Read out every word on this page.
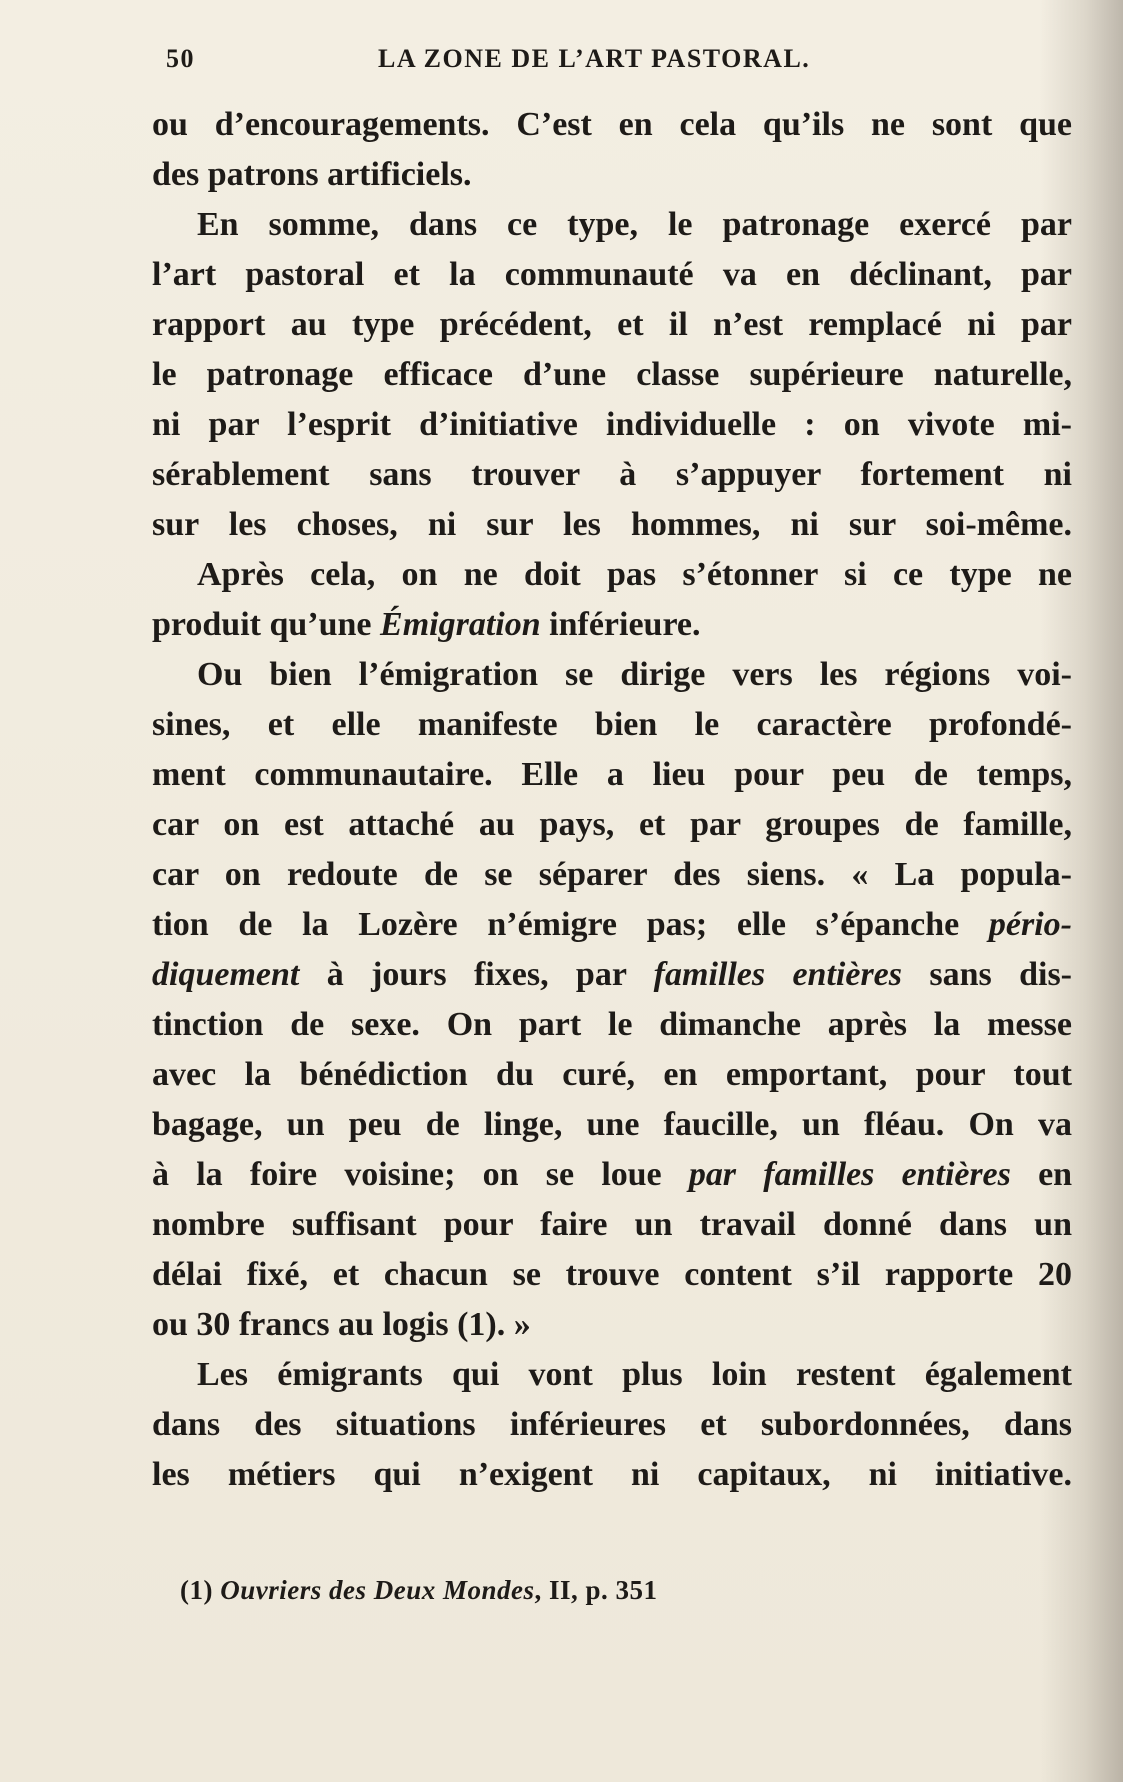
50	LA ZONE DE L’ART PASTORAL.
ou d’encouragements. C’est en cela qu’ils ne sont que
des patrons artificiels.
En somme, dans ce type, le patronage exercé par
l’art pastoral et la communauté va en déclinant, par
rapport au type précédent, et il n’est remplacé ni par
le patronage efficace d’une classe supérieure naturelle,
ni par l’esprit d’initiative individuelle : on vivote mi-
sérablement sans trouver à s’appuyer fortement ni
sur les choses, ni sur les hommes, ni sur soi-même.
Après cela, on ne doit pas s’étonner si ce type ne
produit qu’une Émigration inférieure.
Ou bien l’émigration se dirige vers les régions voi-
sines, et elle manifeste bien le caractère profondé-
ment communautaire. Elle a lieu pour peu de temps,
car on est attaché au pays, et par groupes de famille,
car on redoute de se séparer des siens. « La popula-
tion de la Lozère n’émigre pas; elle s’épanche pério-
diquement à jours fixes, par familles entières sans dis-
tinction de sexe. On part le dimanche après la messe
avec la bénédiction du curé, en emportant, pour tout
bagage, un peu de linge, une faucille, un fléau. On va
à la foire voisine; on se loue par familles entières en
nombre suffisant pour faire un travail donné dans un
délai fixé, et chacun se trouve content s’il rapporte 20
ou 30 francs au logis (1). »
Les émigrants qui vont plus loin restent également
dans des situations inférieures et subordonnées, dans
les métiers qui n’exigent ni capitaux, ni initiative.
(1) Ouvriers des Deux Mondes, II, p. 351
